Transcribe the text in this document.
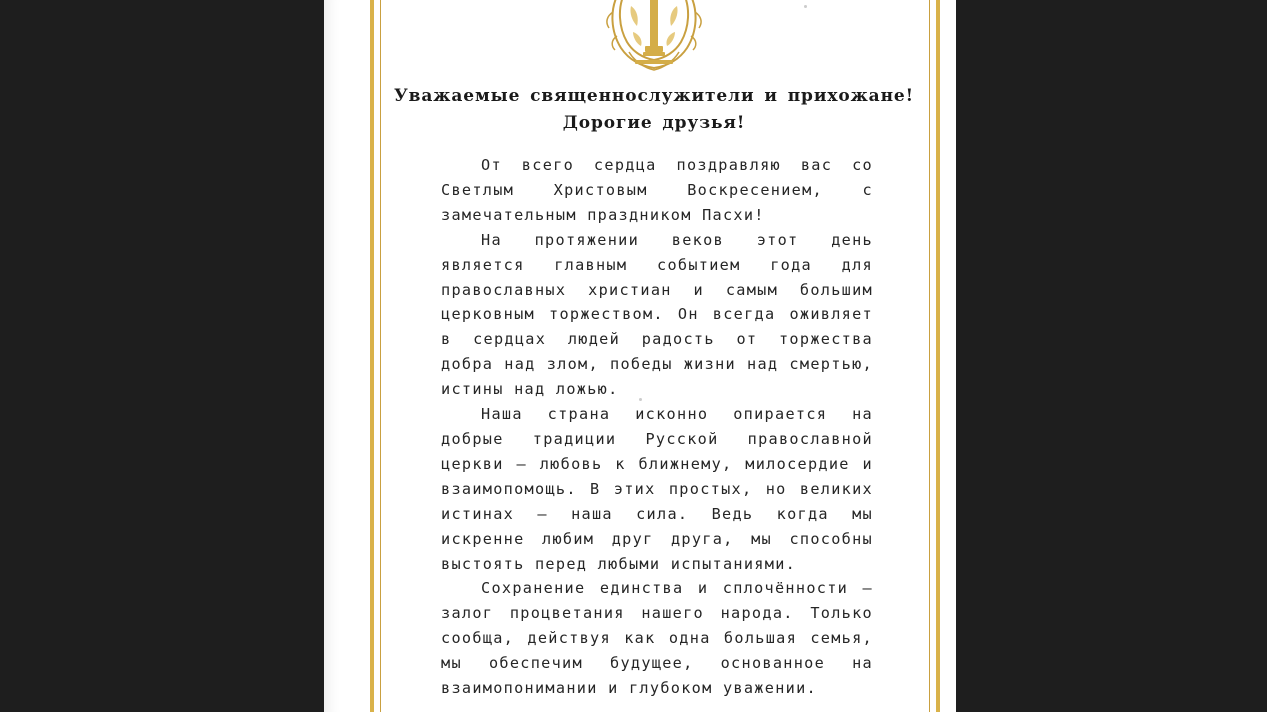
Уважаемые священнослужители и прихожане!
Дорогие друзья!

От всего сердца поздравляю вас со Светлым Христовым Воскресением, с замечательным праздником Пасхи!

На протяжении веков этот день является главным событием года для православных христиан и самым большим церковным торжеством. Он всегда оживляет в сердцах людей радость от торжества добра над злом, победы жизни над смертью, истины над ложью.

Наша страна исконно опирается на добрые традиции Русской православной церкви – любовь к ближнему, милосердие и взаимопомощь. В этих простых, но великих истинах – наша сила. Ведь когда мы искренне любим друг друга, мы способны выстоять перед любыми испытаниями.

Сохранение единства и сплочённости – залог процветания нашего народа. Только сообща, действуя как одна большая семья, мы обеспечим будущее, основанное на взаимопонимании и глубоком уважении.
